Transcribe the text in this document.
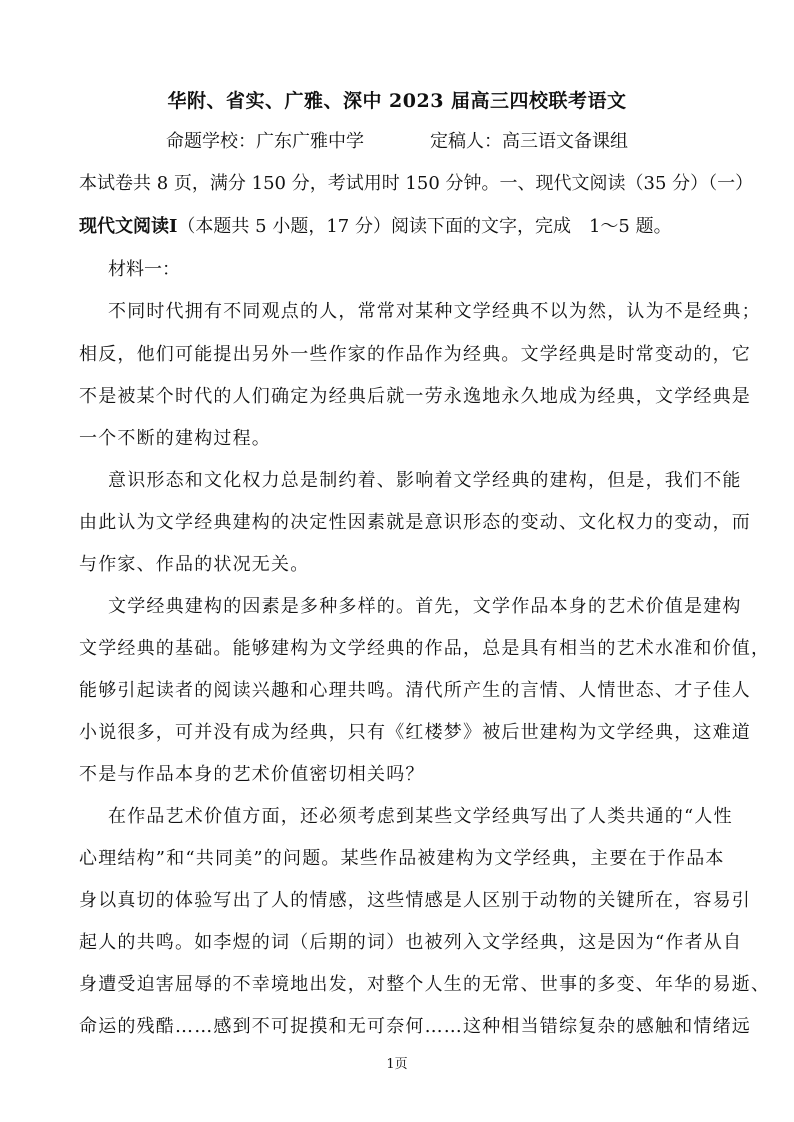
华附、省实、广雅、深中 2023 届高三四校联考语文
命题学校：广东广雅中学	定稿人：高三语文备课组
本试卷共 8 页，满分 150 分，考试用时 150 分钟。一、现代文阅读（35 分）（一）
现代文阅读Ⅰ（本题共 5 小题，17 分）阅读下面的文字，完成　1～5 题。
材料一：
不同时代拥有不同观点的人，常常对某种文学经典不以为然，认为不是经典；
相反，他们可能提出另外一些作家的作品作为经典。文学经典是时常变动的，它
不是被某个时代的人们确定为经典后就一劳永逸地永久地成为经典，文学经典是
一个不断的建构过程。
意识形态和文化权力总是制约着、影响着文学经典的建构，但是，我们不能
由此认为文学经典建构的决定性因素就是意识形态的变动、文化权力的变动，而
与作家、作品的状况无关。
文学经典建构的因素是多种多样的。首先，文学作品本身的艺术价值是建构
文学经典的基础。能够建构为文学经典的作品，总是具有相当的艺术水准和价值，
能够引起读者的阅读兴趣和心理共鸣。清代所产生的言情、人情世态、才子佳人
小说很多，可并没有成为经典，只有《红楼梦》被后世建构为文学经典，这难道
不是与作品本身的艺术价值密切相关吗？
在作品艺术价值方面，还必须考虑到某些文学经典写出了人类共通的“人性
心理结构”和“共同美”的问题。某些作品被建构为文学经典，主要在于作品本
身以真切的体验写出了人的情感，这些情感是人区别于动物的关键所在，容易引
起人的共鸣。如李煜的词（后期的词）也被列入文学经典，这是因为“作者从自
身遭受迫害屈辱的不幸境地出发，对整个人生的无常、世事的多变、年华的易逝、
命运的残酷……感到不可捉摸和无可奈何……这种相当错综复杂的感触和情绪远
1页
